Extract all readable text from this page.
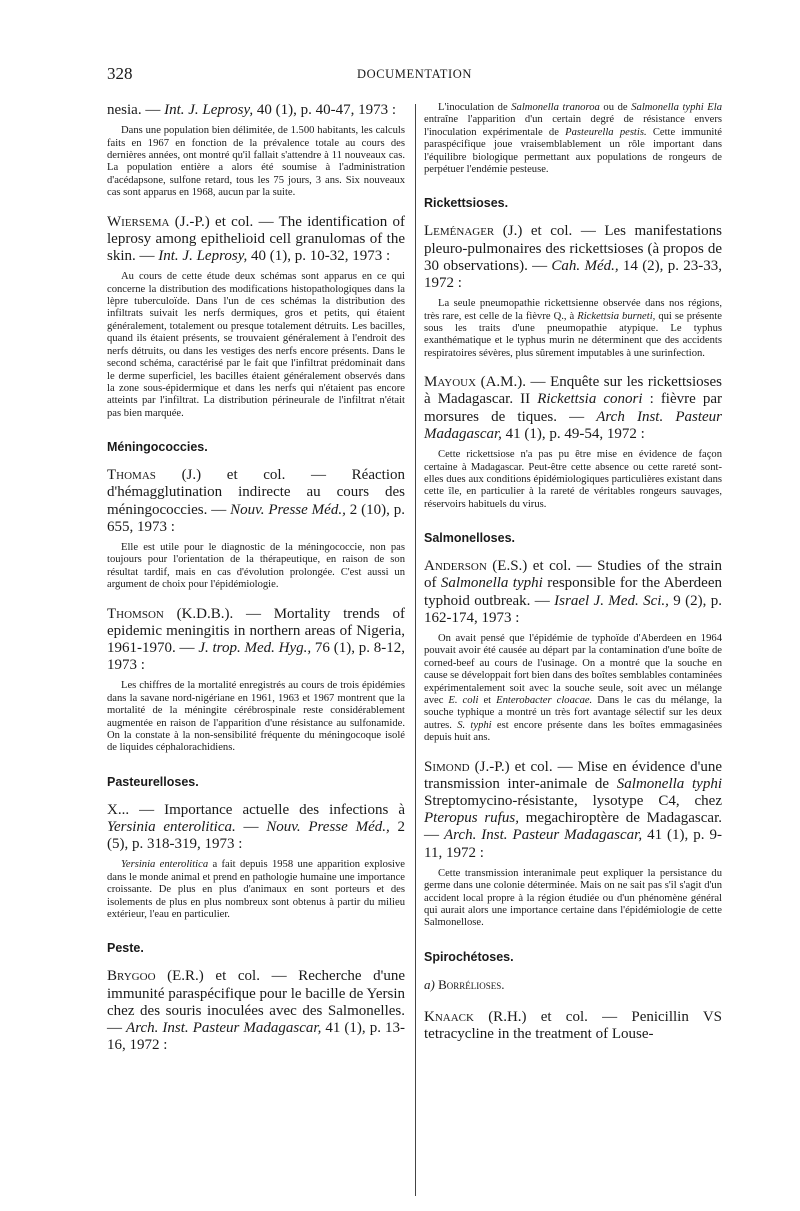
328	DOCUMENTATION

nesia. — Int. J. Leprosy, 40 (1), p. 40-47, 1973 :

Dans une population bien délimitée, de 1.500 habitants, les calculs faits en 1967 en fonction de la prévalence totale au cours des dernières années, ont montré qu'il fallait s'attendre à 11 nouveaux cas. La population entière a alors été soumise à l'administration d'acédapsone, sulfone retard, tous les 75 jours, 3 ans. Six nouveaux cas sont apparus en 1968, aucun par la suite.

Wiersema (J.-P.) et col. — The identification of leprosy among epithelioid cell granulomas of the skin. — Int. J. Leprosy, 40 (1), p. 10-32, 1973 :

Au cours de cette étude deux schémas sont apparus en ce qui concerne la distribution des modifications histopathologiques dans la lèpre tuberculoïde. Dans l'un de ces schémas la distribution des infiltrats suivait les nerfs dermiques, gros et petits, qui étaient généralement, totalement ou presque totalement détruits. Les bacilles, quand ils étaient présents, se trouvaient généralement à l'endroit des nerfs détruits, ou dans les vestiges des nerfs encore présents. Dans le second schéma, caractérisé par le fait que l'infiltrat prédominait dans le derme superficiel, les bacilles étaient généralement observés dans la zone sous-épidermique et dans les nerfs qui n'étaient pas encore atteints par l'infiltrat. La distribution périneurale de l'infiltrat n'était pas bien marquée.

Méningococcies.

Thomas (J.) et col. — Réaction d'hémagglutination indirecte au cours des méningococcies. — Nouv. Presse Méd., 2 (10), p. 655, 1973 :

Elle est utile pour le diagnostic de la méningococcie, non pas toujours pour l'orientation de la thérapeutique, en raison de son résultat tardif, mais en cas d'évolution prolongée. C'est aussi un argument de choix pour l'épidémiologie.

Thomson (K.D.B.). — Mortality trends of epidemic meningitis in northern areas of Nigeria, 1961-1970. — J. trop. Med. Hyg., 76 (1), p. 8-12, 1973 :

Les chiffres de la mortalité enregistrés au cours de trois épidémies dans la savane nord-nigériane en 1961, 1963 et 1967 montrent que la mortalité de la méningite cérébrospinale reste considérablement augmentée en raison de l'apparition d'une résistance au sulfonamide. On la constate à la non-sensibilité fréquente du méningocoque isolé de liquides céphalorachidiens.

Pasteurelloses.

X... — Importance actuelle des infections à Yersinia enterolitica. — Nouv. Presse Méd., 2 (5), p. 318-319, 1973 :

Yersinia enterolitica a fait depuis 1958 une apparition explosive dans le monde animal et prend en pathologie humaine une importance croissante. De plus en plus d'animaux en sont porteurs et des isolements de plus en plus nombreux sont obtenus à partir du milieu extérieur, l'eau en particulier.

Peste.

Brygoo (E.R.) et col. — Recherche d'une immunité paraspécifique pour le bacille de Yersin chez des souris inoculées avec des Salmonelles. — Arch. Inst. Pasteur Madagascar, 41 (1), p. 13-16, 1972 :

L'inoculation de Salmonella tranoroa ou de Salmonella typhi Ela entraîne l'apparition d'un certain degré de résistance envers l'inoculation expérimentale de Pasteurella pestis. Cette immunité paraspécifique joue vraisemblablement un rôle important dans l'équilibre biologique permettant aux populations de rongeurs de perpétuer l'endémie pesteuse.

Rickettsioses.

Leménager (J.) et col. — Les manifestations pleuro-pulmonaires des rickettsioses (à propos de 30 observations). — Cah. Méd., 14 (2), p. 23-33, 1972 :

La seule pneumopathie rickettsienne observée dans nos régions, très rare, est celle de la fièvre Q., à Rickettsia burneti, qui se présente sous les traits d'une pneumopathie atypique. Le typhus exanthématique et le typhus murin ne déterminent que des accidents respiratoires sévères, plus sûrement imputables à une surinfection.

Mayoux (A.M.). — Enquête sur les rickettsioses à Madagascar. II Rickettsia conori : fièvre par morsures de tiques. — Arch Inst. Pasteur Madagascar, 41 (1), p. 49-54, 1972 :

Cette rickettsiose n'a pas pu être mise en évidence de façon certaine à Madagascar. Peut-être cette absence ou cette rareté sont-elles dues aux conditions épidémiologiques particulières existant dans cette île, en particulier à la rareté de véritables rongeurs sauvages, réservoirs habituels du virus.

Salmonelloses.

Anderson (E.S.) et col. — Studies of the strain of Salmonella typhi responsible for the Aberdeen typhoid outbreak. — Israel J. Med. Sci., 9 (2), p. 162-174, 1973 :

On avait pensé que l'épidémie de typhoïde d'Aberdeen en 1964 pouvait avoir été causée au départ par la contamination d'une boîte de corned-beef au cours de l'usinage. On a montré que la souche en cause se développait fort bien dans des boîtes semblables contaminées expérimentalement soit avec la souche seule, soit avec un mélange avec E. coli et Enterobacter cloacae. Dans le cas du mélange, la souche typhique a montré un très fort avantage sélectif sur les deux autres. S. typhi est encore présente dans les boîtes emmagasinées depuis huit ans.

Simond (J.-P.) et col. — Mise en évidence d'une transmission inter-animale de Salmonella typhi Streptomycino-résistante, lysotype C4, chez Pteropus rufus, megachiroptère de Madagascar. — Arch. Inst. Pasteur Madagascar, 41 (1), p. 9-11, 1972 :

Cette transmission interanimale peut expliquer la persistance du germe dans une colonie déterminée. Mais on ne sait pas s'il s'agit d'un accident local propre à la région étudiée ou d'un phénomène général qui aurait alors une importance certaine dans l'épidémiologie de cette Salmonellose.

Spirochétoses.
a) Borrélioses.

Knaack (R.H.) et col. — Penicillin VS tetracycline in the treatment of Louse-
